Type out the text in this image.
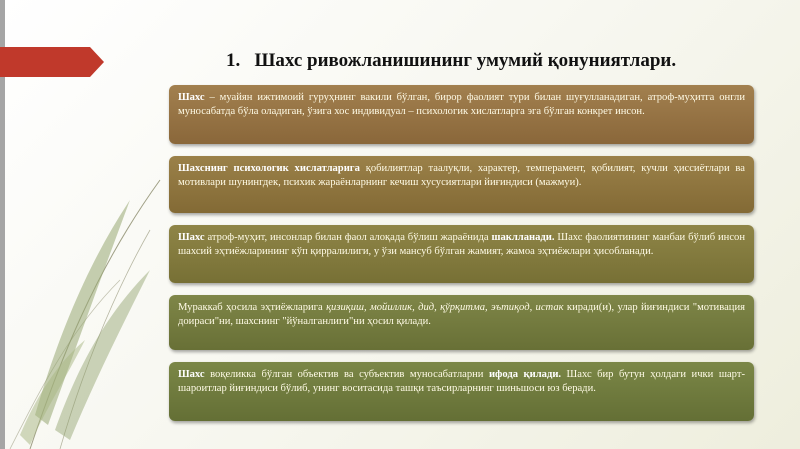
1. Шахс ривожланишининг умумий қонуниятлари.
Шахс – муайян ижтимоий гуруҳнинг вакили бўлган, бирор фаолият тури билан шуғулланадиган, атроф-муҳитга онгли муносабатда бўла оладиган, ўзига хос индивидуал – психологик хислатларга эга бўлган конкрет инсон.
Шахснинг психологик хислатларига қобилиятлар таалуқли, характер, темперамент, қобилият, кучли ҳиссиётлари ва мотивлари шунингдек, психик жараёнларнинг кечиш хусусиятлари йиғиндиси (мажмуи).
Шахс атроф-муҳит, инсонлар билан фаол алоқада бўлиш жараёнида шаклланади. Шахс фаолиятининг манбаи бўлиб инсон шахсий эҳтиёжларининг кўп қирралилиги, у ўзи мансуб бўлган жамият, жамоа эҳтиёжлари ҳисобланади.
Мураккаб ҳосила эҳтиёжларига қизиқиш, мойиллик, дид, қўрқитма, эътиқод, истак киради(и), улар йиғиндиси "мотивация доираси"ни, шахснинг "йўналганлиги"ни ҳосил қилади.
Шахс воқеликка бўлган объектив ва субъектив муносабатларни ифода қилади. Шахс бир бутун ҳолдаги ички шарт-шароитлар йиғиндиси бўлиб, унинг воситасида ташқи таъсирларнинг шиньшоси юз беради.
